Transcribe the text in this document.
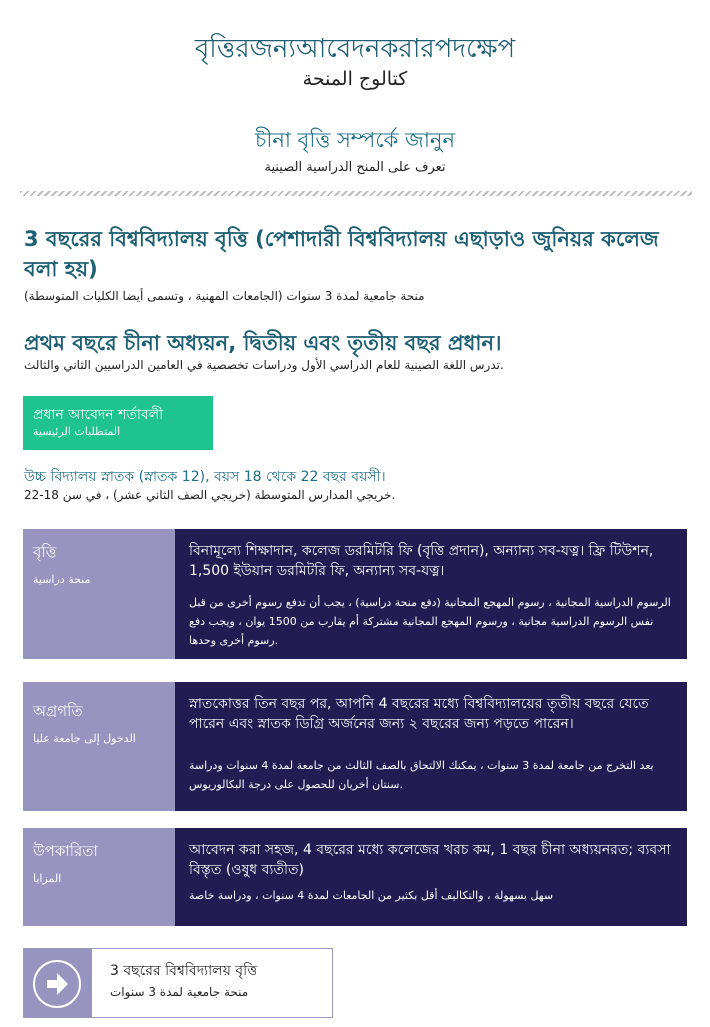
বৃত্তিরজন্যআবেদনকরারপদক্ষেপ
كتالوج المنحة
চীনা বৃত্তি সম্পর্কে জানুন
تعرف على المنح الدراسية الصينية
3 বছরের বিশ্ববিদ্যালয় বৃত্তি (পেশাদারী বিশ্ববিদ্যালয় এছাড়াও জুনিয়র কলেজ বলা হয়)
منحة جامعية لمدة 3 سنوات (الجامعات المهنية ، وتسمى أيضا الكليات المتوسطة)
প্রথম বছরে চীনা অধ্যয়ন, দ্বিতীয় এবং তৃতীয় বছর প্রধান।
تدرس اللغة الصينية للعام الدراسي الأول ودراسات تخصصية في العامين الدراسيين الثاني والثالث.
প্রধান আবেদন শর্তাবলী
المتطلبات الرئيسية
উচ্চ বিদ্যালয় স্নাতক (স্নাতক 12), বয়স 18 থেকে 22 বছর বয়সী।
خريجي المدارس المتوسطة (خريجي الصف الثاني عشر) ، في سن 18-22.
বৃত্তি
منحة دراسية
বিনামূল্যে শিক্ষাদান, কলেজ ডরমিটরি ফি (বৃত্তি প্রদান), অন্যান্য সব-যত্ন। ফ্রি টিউশন, 1,500 ইউয়ান ডরমিটরি ফি, অন্যান্য সব-যত্ন।
الرسوم الدراسية المجانية ، رسوم المهجع المجانية (دفع منحة دراسية) ، يجب أن تدفع رسوم أخرى من قبل نفس الرسوم الدراسية مجانية ، ورسوم المهجع المجانية مشتركة أم يقارب من 1500 يوان ، ويجب دفع رسوم أخرى وحدها.
অগ্রগতি
الدخول إلى جامعة عليا
স্নাতকোত্তর তিন বছর পর, আপনি 4 বছরের মধ্যে বিশ্ববিদ্যালয়ের তৃতীয় বছরে যেতে পারেন এবং স্নাতক ডিগ্রি অর্জনের জন্য ২ বছরের জন্য পড়তে পারেন।
بعد التخرج من جامعة لمدة 3 سنوات ، يمكنك الالتحاق بالصف الثالث من جامعة لمدة 4 سنوات ودراسة سنتان أخريان للحصول على درجة البكالوريوس.
উপকারিতা
المزايا
আবেদন করা সহজ, 4 বছরের মধ্যে কলেজের খরচ কম, 1 বছর চীনা অধ্যয়নরত; ব্যবসা বিস্তৃত (ওষুধ ব্যতীত)
سهل بسهولة ، والتكاليف أقل بكثير من الجامعات لمدة 4 سنوات ، ودراسة خاصة
3 বছরের বিশ্ববিদ্যালয় বৃত্তি
منحة جامعية لمدة 3 سنوات
